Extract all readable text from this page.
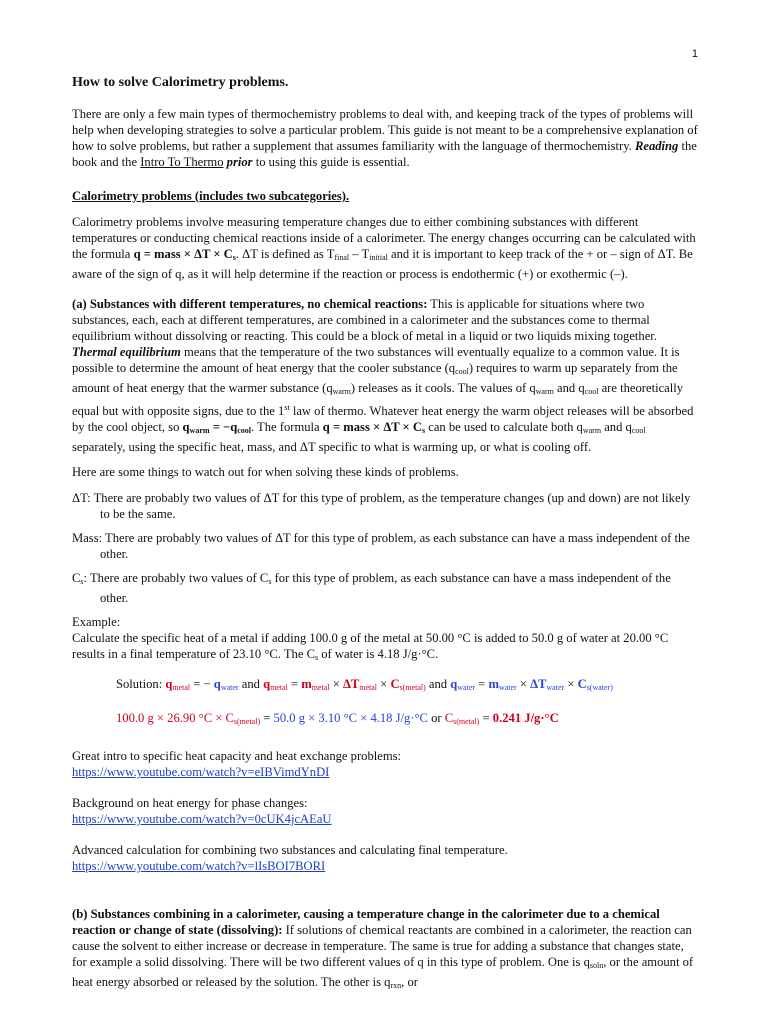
1
How to solve Calorimetry problems.

There are only a few main types of thermochemistry problems to deal with, and keeping track of the types of problems will help when developing strategies to solve a particular problem. This guide is not meant to be a comprehensive explanation of how to solve problems, but rather a supplement that assumes familiarity with the language of thermochemistry. Reading the book and the Intro To Thermo prior to using this guide is essential.

Calorimetry problems (includes two subcategories).

Calorimetry problems involve measuring temperature changes due to either combining substances with different temperatures or conducting chemical reactions inside of a calorimeter. The energy changes occurring can be calculated with the formula q = mass × $\Delta T \times C_s$. ΔT is defined as $T_{final} - T_{initial}$ and it is important to keep track of the + or – sign of ΔT. Be aware of the sign of q, as it will help determine if the reaction or process is endothermic (+) or exothermic (–).

(a) Substances with different temperatures, no chemical reactions: This is applicable for situations where two substances, each, each at different temperatures, are combined in a calorimeter and the substances come to thermal equilibrium without dissolving or reacting. This could be a block of metal in a liquid or two liquids mixing together. Thermal equilibrium means that the temperature of the two substances will eventually equalize to a common value. It is possible to determine the amount of heat energy that the cooler substance $(q_{cool})$ requires to warm up separately from the amount of heat energy that the warmer substance $(q_{warm})$ releases as it cools. The values of $q_{warm}$ and $q_{cool}$ are theoretically equal but with opposite signs, due to the 1st law of thermo. Whatever heat energy the warm object releases will be absorbed by the cool object, so $q_{warm} = -q_{cool}$. The formula q = mass × $\Delta T \times C_s$ can be used to calculate both $q_{warm}$ and $q_{cool}$ separately, using the specific heat, mass, and ΔT specific to what is warming up, or what is cooling off.

Here are some things to watch out for when solving these kinds of problems.

ΔT: There are probably two values of ΔT for this type of problem, as the temperature changes (up and down) are not likely to be the same.

Mass: There are probably two values of ΔT for this type of problem, as each substance can have a mass independent of the other.

$C_s$: There are probably two values of $C_s$ for this type of problem, as each substance can have a mass independent of the other.

Example:

Calculate the specific heat of a metal if adding 100.0 g of the metal at 50.00 °C is added to 50.0 g of water at 20.00 °C results in a final temperature of 23.10 °C. The $C_s$ of water is 4.18 J/g·°C.

Solution: $q_{metal}$ = − $q_{water}$ and $q_{metal} = m_{metal} \times \Delta T_{metal} \times C_{s(metal)}$ and $q_{water} = m_{water} \times \Delta T_{water} \times C_{s(water)}$

100.0 g × 26.90 $^\circ C \times C_{s(metal)} = 50.0$ g × 3.10 °C × 4.18 J/g·°C or $C_{s(metal)} = 0.241$ J/g·°C

Great intro to specific heat capacity and heat exchange problems:
https://www.youtube.com/watch?v=eIBVimdYnDI
Background on heat energy for phase changes:
https://www.youtube.com/watch?v=0cUK4jcAEaU
Advanced calculation for combining two substances and calculating final temperature.
https://www.youtube.com/watch?v=lIsBOI7BORI

(b) Substances combining in a calorimeter, causing a temperature change in the calorimeter due to a chemical reaction or change of state (dissolving): If solutions of chemical reactants are combined in a calorimeter, the reaction can cause the solvent to either increase or decrease in temperature. The same is true for adding a substance that changes state, for example a solid dissolving. There will be two different values of q in this type of problem. One is $q_{soln}$, or the amount of heat energy absorbed or released by the solution. The other is $q_{rxn}$, or
